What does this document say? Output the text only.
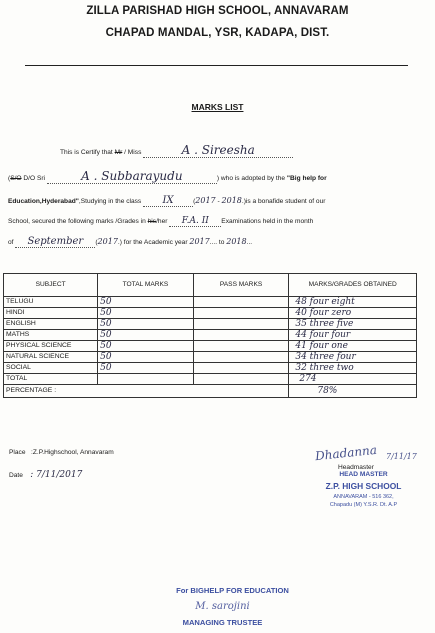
ZILLA PARISHAD HIGH SCHOOL, ANNAVARAM
CHAPAD MANDAL, YSR, KADAPA, DIST.
MARKS LIST
This is Certify that Mr / Miss	A . Sireesha
(S/O D/O Sri	A . Subbarayudu	) who is adopted by the "Big help for
Education,Hyderabad",Studying in the class IX	(2017 - 2018.)is a bonafide student of our
School, secured the following marks /Grades in his/her F.A. II Examinations held in the month
of September (2017.) for the Academic year 2017.... to 2018...
SUBJECT	TOTAL MARKS	PASS MARKS	MARKS/GRADES OBTAINED
TELUGU	50		48 four eight
HINDI	50		40 four zero
ENGLISH	50		35 three five
MATHS	50		44 four four
PHYSICAL SCIENCE	50		41 four one
NATURAL SCIENCE	50		34 three four
SOCIAL	50		32 three two
TOTAL			274
PERCENTAGE :			78%
Place :Z.P.Highschool, Annavaram
Date : 7/11/2017
Dhadanna 7/11/17
Headmaster
HEAD MASTER
Z.P. HIGH SCHOOL
ANNAVARAM - 516 362,
Chapadu (M) Y.S.R. Dt. A.P
For BIGHELP FOR EDUCATION
M. sarojini
MANAGING TRUSTEE
